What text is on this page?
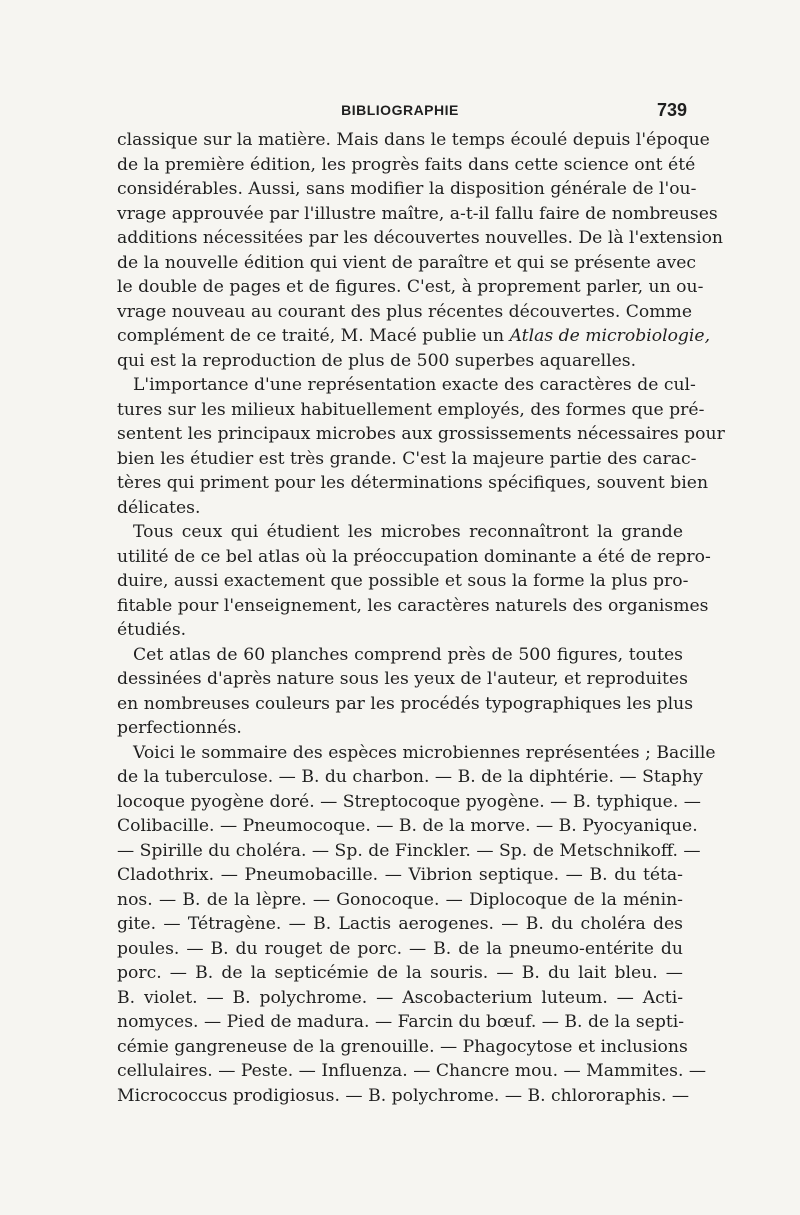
BIBLIOGRAPHIE	739
classique sur la matière. Mais dans le temps écoulé depuis l'époque
de la première édition, les progrès faits dans cette science ont été
considérables. Aussi, sans modifier la disposition générale de l'ou-
vrage approuvée par l'illustre maître, a-t-il fallu faire de nombreuses
additions nécessitées par les découvertes nouvelles. De là l'extension
de la nouvelle édition qui vient de paraître et qui se présente avec
le double de pages et de figures. C'est, à proprement parler, un ou-
vrage nouveau au courant des plus récentes découvertes. Comme
complément de ce traité, M. Macé publie un Atlas de microbiologie,
qui est la reproduction de plus de 500 superbes aquarelles.
L'importance d'une représentation exacte des caractères de cul-
tures sur les milieux habituellement employés, des formes que pré-
sentent les principaux microbes aux grossissements nécessaires pour
bien les étudier est très grande. C'est la majeure partie des carac-
tères qui priment pour les déterminations spécifiques, souvent bien
délicates.
Tous ceux qui étudient les microbes reconnaîtront la grande
utilité de ce bel atlas où la préoccupation dominante a été de repro-
duire, aussi exactement que possible et sous la forme la plus pro-
fitable pour l'enseignement, les caractères naturels des organismes
étudiés.
Cet atlas de 60 planches comprend près de 500 figures, toutes
dessinées d'après nature sous les yeux de l'auteur, et reproduites
en nombreuses couleurs par les procédés typographiques les plus
perfectionnés.
Voici le sommaire des espèces microbiennes représentées ; Bacille
de la tuberculose. — B. du charbon. — B. de la diphtérie. — Staphy
locoque pyogène doré. — Streptocoque pyogène. — B. typhique. —
Colibacille. — Pneumocoque. — B. de la morve. — B. Pyocyanique.
— Spirille du choléra. — Sp. de Finckler. — Sp. de Metschnikoff. —
Cladothrix. — Pneumobacille. — Vibrion septique. — B. du téta-
nos. — B. de la lèpre. — Gonocoque. — Diplocoque de la ménin-
gite. — Tétragène. — B. Lactis aerogenes. — B. du choléra des
poules. — B. du rouget de porc. — B. de la pneumo-entérite du
porc. — B. de la septicémie de la souris. — B. du lait bleu. —
B. violet. — B. polychrome. — Ascobacterium luteum. — Acti-
nomyces. — Pied de madura. — Farcin du bœuf. — B. de la septi-
cémie gangreneuse de la grenouille. — Phagocytose et inclusions
cellulaires. — Peste. — Influenza. — Chancre mou. — Mammites. —
Micrococcus prodigiosus. — B. polychrome. — B. chlororaphis. —
